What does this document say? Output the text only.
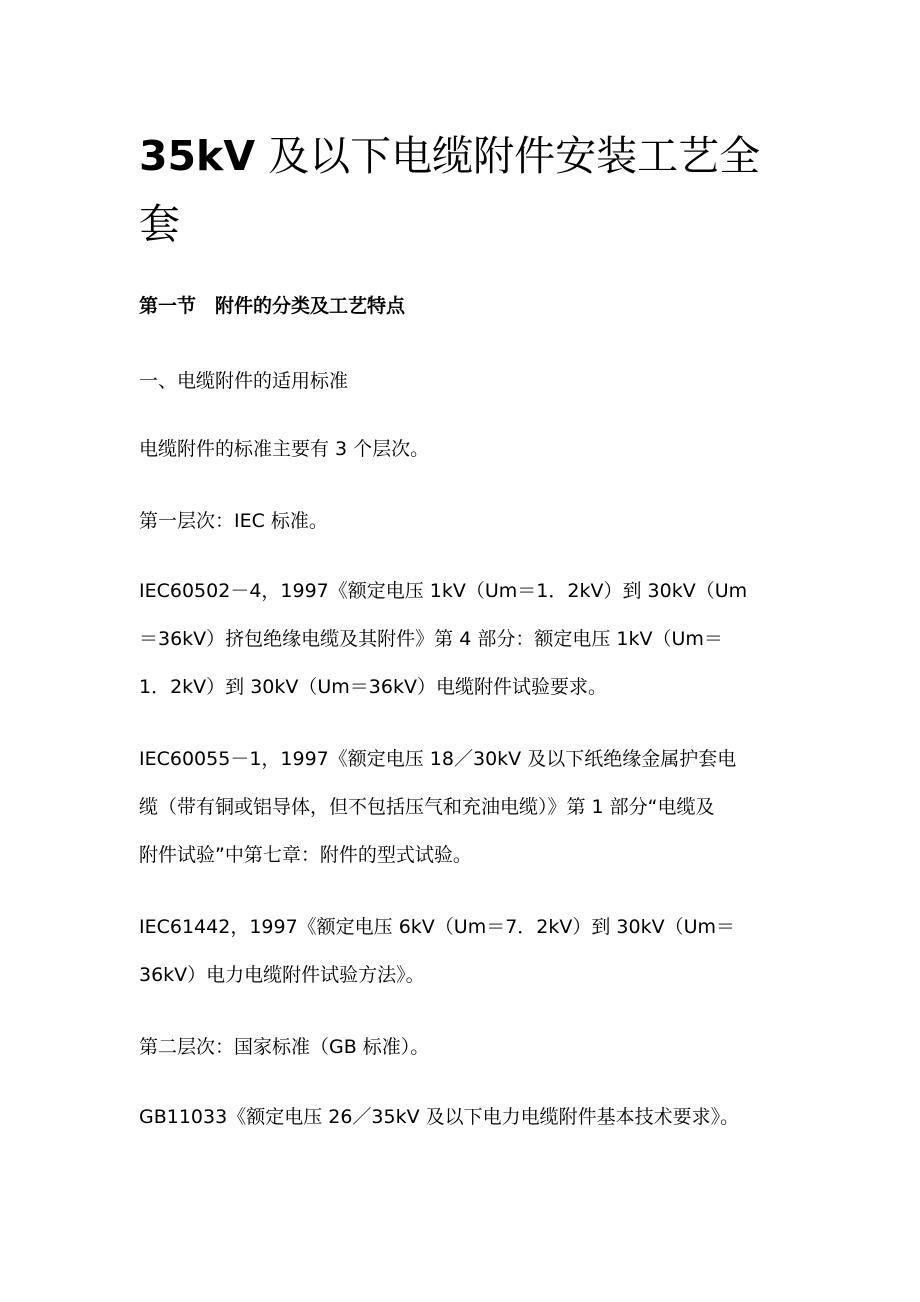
35kV 及以下电缆附件安装工艺全套
第一节　附件的分类及工艺特点

一、电缆附件的适用标准

电缆附件的标准主要有 3 个层次。

第一层次：IEC 标准。

IEC60502－4，1997《额定电压 1kV（Um＝1．2kV）到 30kV（Um
＝36kV）挤包绝缘电缆及其附件》第 4 部分：额定电压 1kV（Um＝
1．2kV）到 30kV（Um＝36kV）电缆附件试验要求。

IEC60055－1，1997《额定电压 18／30kV 及以下纸绝缘金属护套电
缆（带有铜或铝导体，但不包括压气和充油电缆）》第 1 部分“电缆及
附件试验”中第七章：附件的型式试验。

IEC61442，1997《额定电压 6kV（Um＝7．2kV）到 30kV（Um＝
36kV）电力电缆附件试验方法》。

第二层次：国家标准（GB 标准）。

GB11033《额定电压 26／35kV 及以下电力电缆附件基本技术要求》。
